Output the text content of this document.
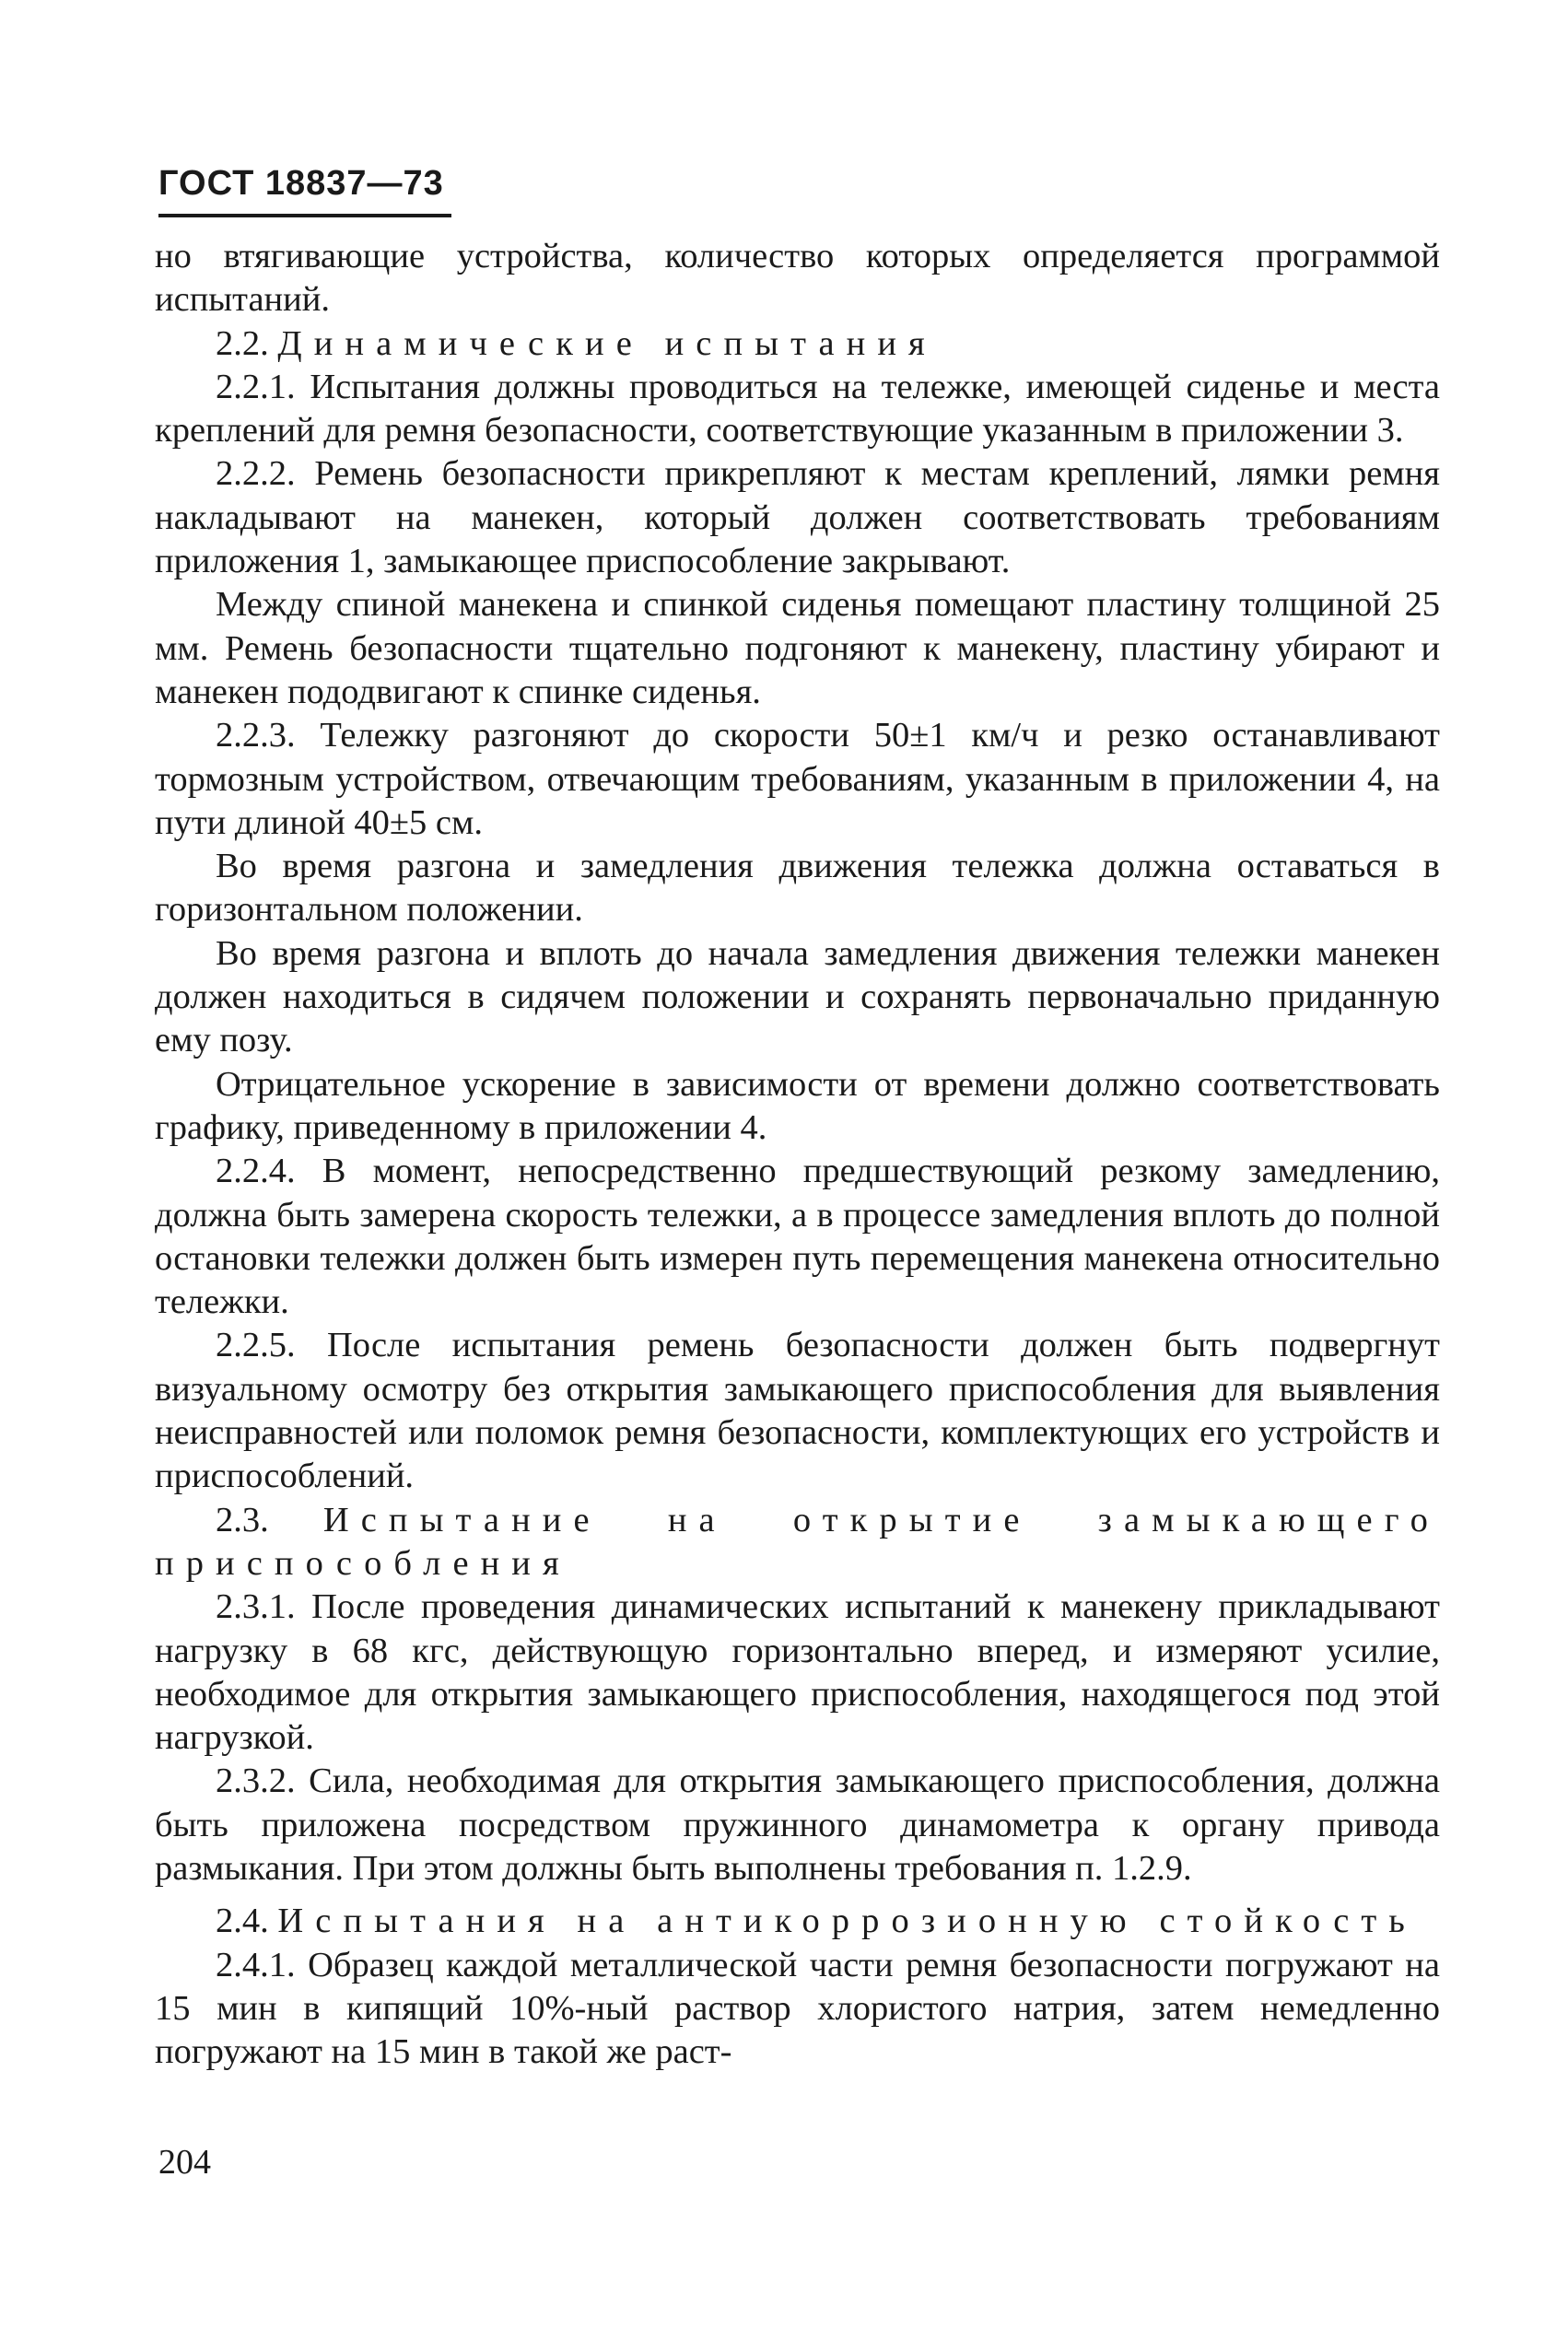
ГОСТ 18837—73

но втягивающие устройства, количество которых определяется программой испытаний.

2.2. Динамические испытания

2.2.1. Испытания должны проводиться на тележке, имеющей сиденье и места креплений для ремня безопасности, соответствующие указанным в приложении 3.

2.2.2. Ремень безопасности прикрепляют к местам креплений, лямки ремня накладывают на манекен, который должен соответствовать требованиям приложения 1, замыкающее приспособление закрывают.

Между спиной манекена и спинкой сиденья помещают пластину толщиной 25 мм. Ремень безопасности тщательно подгоняют к манекену, пластину убирают и манекен пододвигают к спинке сиденья.

2.2.3. Тележку разгоняют до скорости 50±1 км/ч и резко останавливают тормозным устройством, отвечающим требованиям, указанным в приложении 4, на пути длиной 40±5 см.

Во время разгона и замедления движения тележка должна оставаться в горизонтальном положении.

Во время разгона и вплоть до начала замедления движения тележки манекен должен находиться в сидячем положении и сохранять первоначально приданную ему позу.

Отрицательное ускорение в зависимости от времени должно соответствовать графику, приведенному в приложении 4.

2.2.4. В момент, непосредственно предшествующий резкому замедлению, должна быть замерена скорость тележки, а в процессе замедления вплоть до полной остановки тележки должен быть измерен путь перемещения манекена относительно тележки.

2.2.5. После испытания ремень безопасности должен быть подвергнут визуальному осмотру без открытия замыкающего приспособления для выявления неисправностей или поломок ремня безопасности, комплектующих его устройств и приспособлений.

2.3. Испытание на открытие замыкающего приспособления

2.3.1. После проведения динамических испытаний к манекену прикладывают нагрузку в 68 кгс, действующую горизонтально вперед, и измеряют усилие, необходимое для открытия замыкающего приспособления, находящегося под этой нагрузкой.

2.3.2. Сила, необходимая для открытия замыкающего приспособления, должна быть приложена посредством пружинного динамометра к органу привода размыкания. При этом должны быть выполнены требования п. 1.2.9.

2.4. Испытания на антикоррозионную стойкость

2.4.1. Образец каждой металлической части ремня безопасности погружают на 15 мин в кипящий 10%-ный раствор хлористого натрия, затем немедленно погружают на 15 мин в такой же раст-

204
